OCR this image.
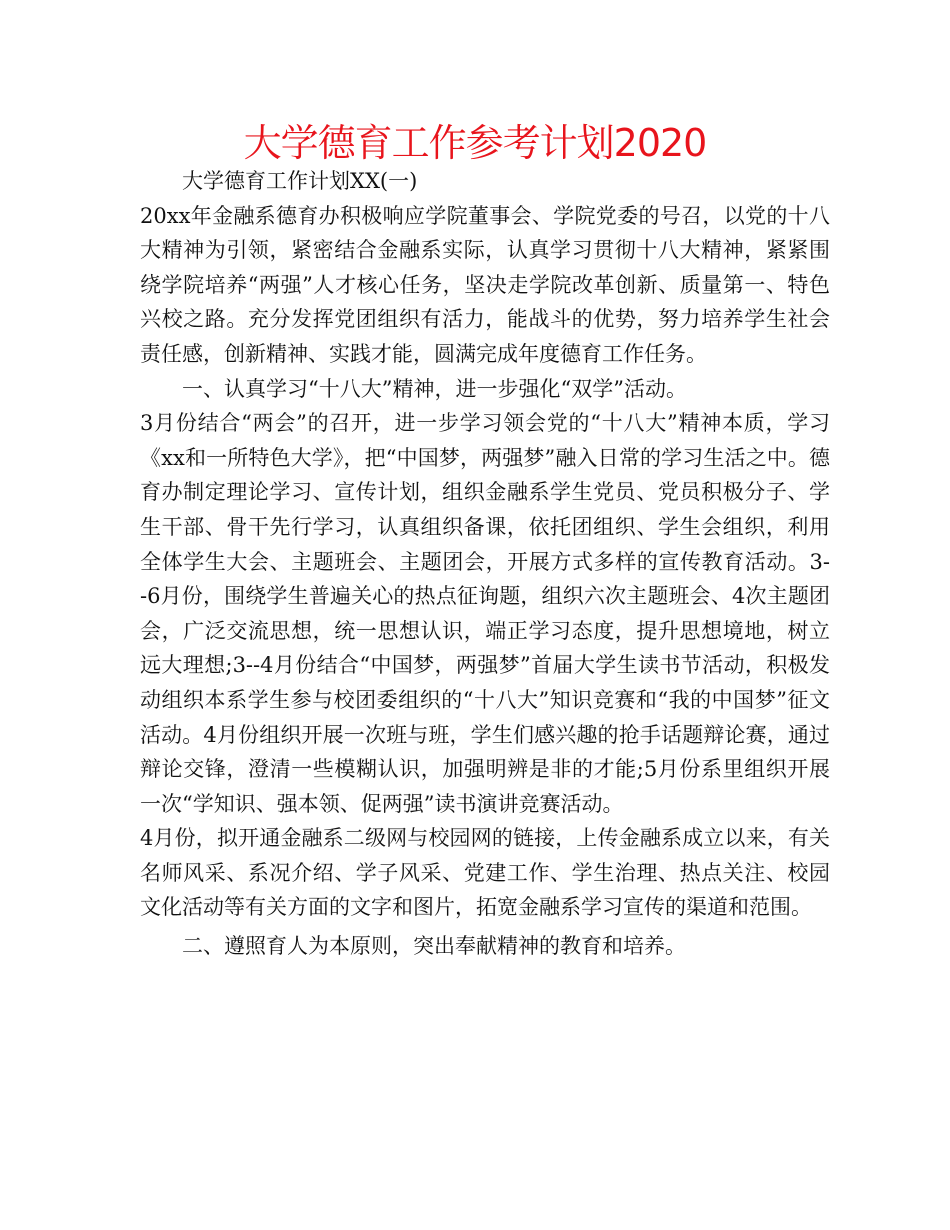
大学德育工作参考计划2020

大学德育工作计划XX(一)

20xx年金融系德育办积极响应学院董事会、学院党委的号召，以党的十八大精神为引领，紧密结合金融系实际，认真学习贯彻十八大精神，紧紧围绕学院培养“两强”人才核心任务，坚决走学院改革创新、质量第一、特色兴校之路。充分发挥党团组织有活力，能战斗的优势，努力培养学生社会责任感，创新精神、实践才能，圆满完成年度德育工作任务。

一、认真学习“十八大”精神，进一步强化“双学”活动。

3月份结合“两会”的召开，进一步学习领会党的“十八大”精神本质，学习《xx和一所特色大学》，把“中国梦，两强梦”融入日常的学习生活之中。德育办制定理论学习、宣传计划，组织金融系学生党员、党员积极分子、学生干部、骨干先行学习，认真组织备课，依托团组织、学生会组织，利用全体学生大会、主题班会、主题团会，开展方式多样的宣传教育活动。3--6月份，围绕学生普遍关心的热点征询题，组织六次主题班会、4次主题团会，广泛交流思想，统一思想认识，端正学习态度，提升思想境地，树立远大理想;3--4月份结合“中国梦，两强梦”首届大学生读书节活动，积极发动组织本系学生参与校团委组织的“十八大”知识竞赛和“我的中国梦”征文活动。4月份组织开展一次班与班，学生们感兴趣的抢手话题辩论赛，通过辩论交锋，澄清一些模糊认识，加强明辨是非的才能;5月份系里组织开展一次“学知识、强本领、促两强”读书演讲竞赛活动。

4月份，拟开通金融系二级网与校园网的链接，上传金融系成立以来，有关名师风采、系况介绍、学子风采、党建工作、学生治理、热点关注、校园文化活动等有关方面的文字和图片，拓宽金融系学习宣传的渠道和范围。

二、遵照育人为本原则，突出奉献精神的教育和培养。
